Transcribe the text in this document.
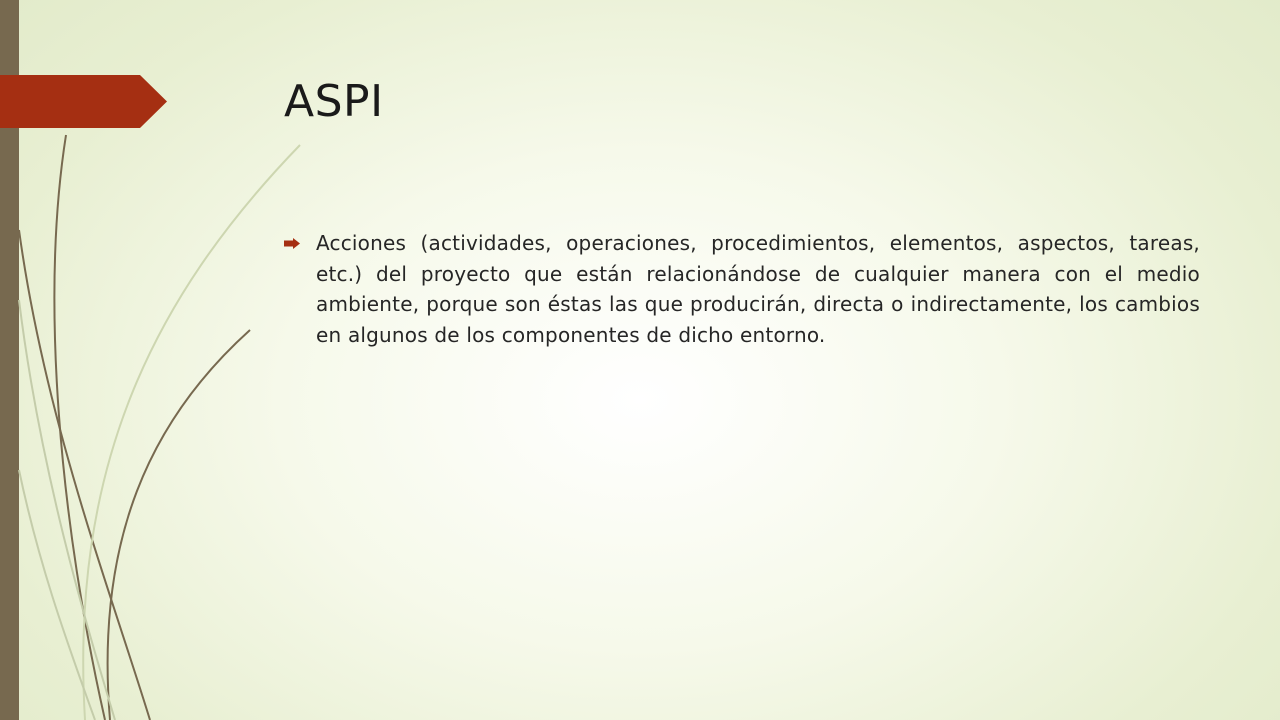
ASPI
Acciones (actividades, operaciones, procedimientos, elementos, aspectos, tareas, etc.) del proyecto que están relacionándose de cualquier manera con el medio ambiente, porque son éstas las que producirán, directa o indirectamente, los cambios en algunos de los componentes de dicho entorno.
